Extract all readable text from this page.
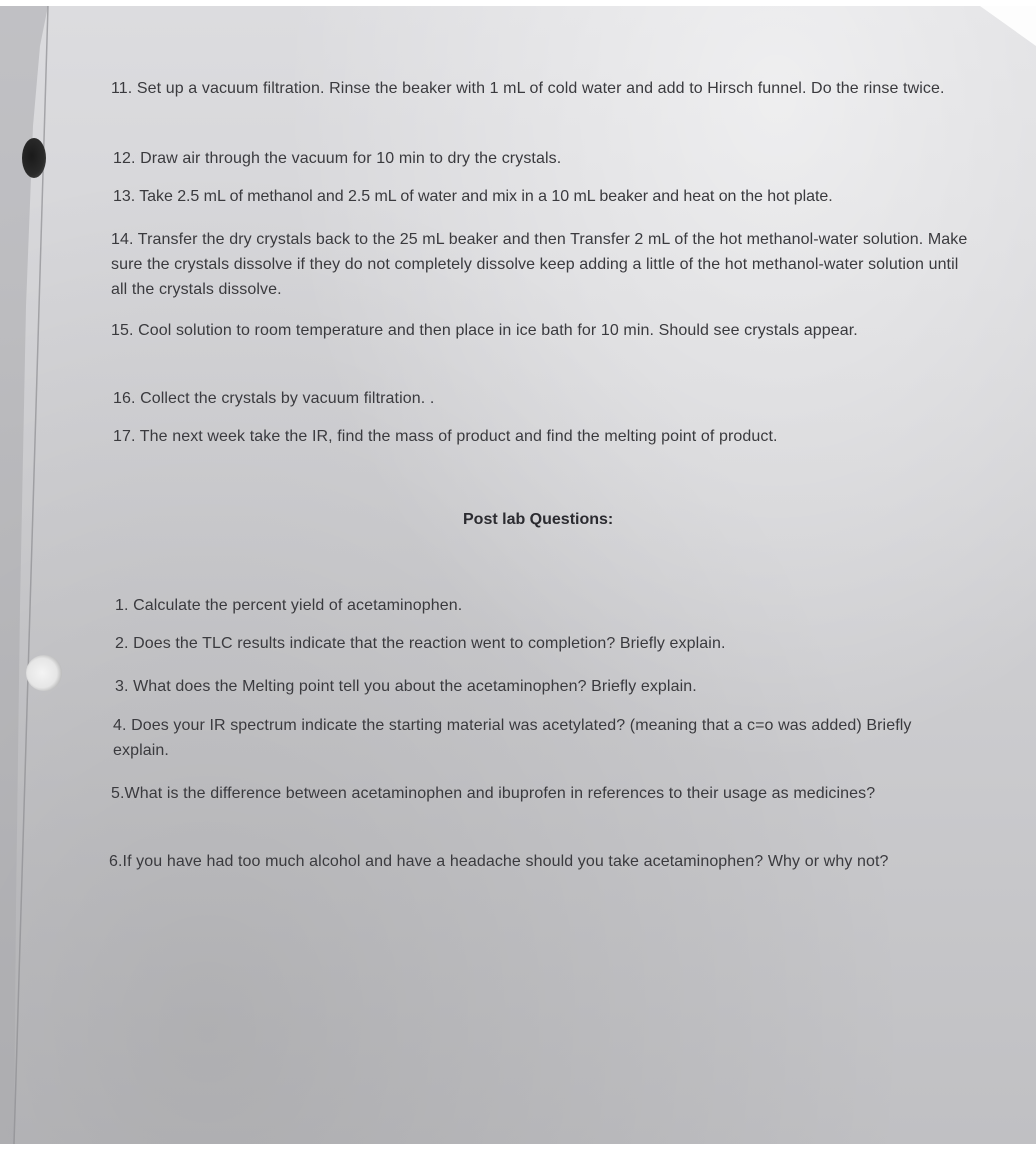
11. Set up a vacuum filtration. Rinse the beaker with 1 mL of cold water and add to Hirsch funnel. Do the rinse twice.

12. Draw air through the vacuum for 10 min to dry the crystals.

13. Take 2.5 mL of methanol and 2.5 mL of water and mix in a 10 mL beaker and heat on the hot plate.

14. Transfer the dry crystals back to the 25 mL beaker and then Transfer 2 mL of the hot methanol-water solution. Make sure the crystals dissolve if they do not completely dissolve keep adding a little of the hot methanol-water solution until all the crystals dissolve.

15. Cool solution to room temperature and then place in ice bath for 10 min. Should see crystals appear.

16. Collect the crystals by vacuum filtration. .

17. The next week take the IR, find the mass of product and find the melting point of product.

Post lab Questions:

1. Calculate the percent yield of acetaminophen.

2. Does the TLC results indicate that the reaction went to completion? Briefly explain.

3. What does the Melting point tell you about the acetaminophen? Briefly explain.

4. Does your IR spectrum indicate the starting material was acetylated? (meaning that a c=o was added) Briefly explain.

5.What is the difference between acetaminophen and ibuprofen in references to their usage as medicines?

6.If you have had too much alcohol and have a headache should you take acetaminophen? Why or why not?
